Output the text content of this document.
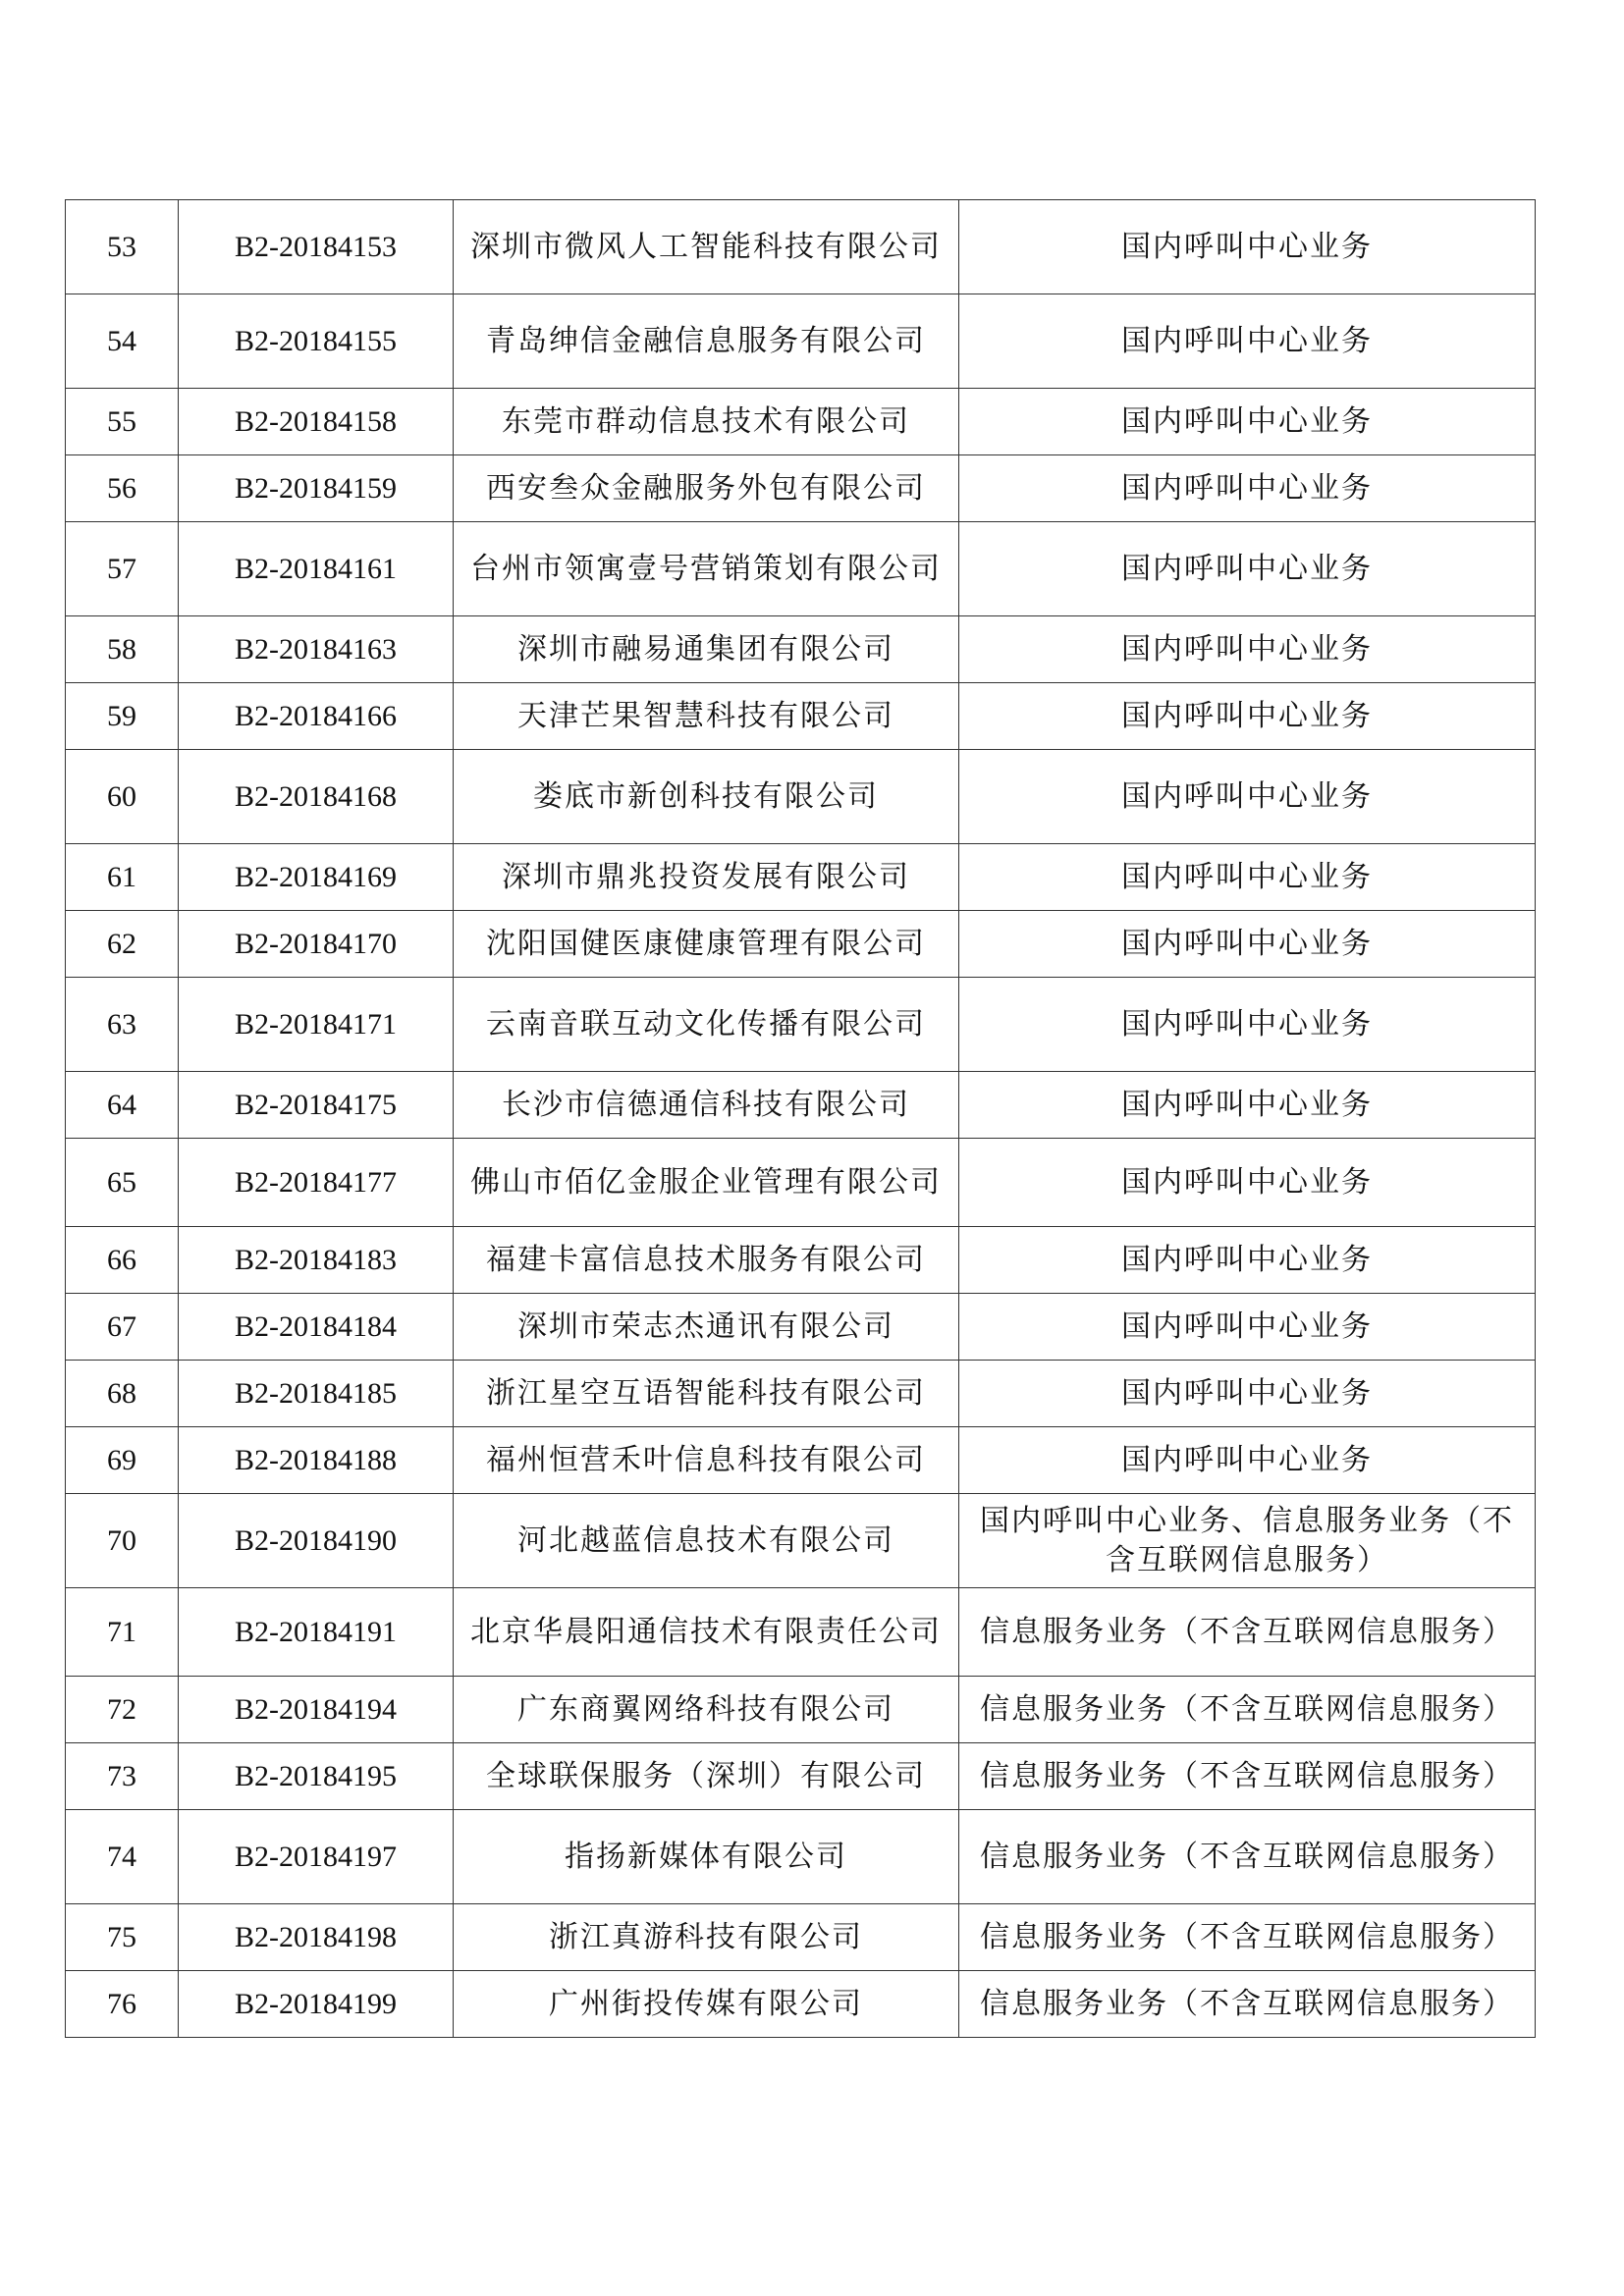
53	B2-20184153	深圳市微风人工智能科技有限公司	国内呼叫中心业务
54	B2-20184155	青岛绅信金融信息服务有限公司	国内呼叫中心业务
55	B2-20184158	东莞市群动信息技术有限公司	国内呼叫中心业务
56	B2-20184159	西安叁众金融服务外包有限公司	国内呼叫中心业务
57	B2-20184161	台州市领寓壹号营销策划有限公司	国内呼叫中心业务
58	B2-20184163	深圳市融易通集团有限公司	国内呼叫中心业务
59	B2-20184166	天津芒果智慧科技有限公司	国内呼叫中心业务
60	B2-20184168	娄底市新创科技有限公司	国内呼叫中心业务
61	B2-20184169	深圳市鼎兆投资发展有限公司	国内呼叫中心业务
62	B2-20184170	沈阳国健医康健康管理有限公司	国内呼叫中心业务
63	B2-20184171	云南音联互动文化传播有限公司	国内呼叫中心业务
64	B2-20184175	长沙市信德通信科技有限公司	国内呼叫中心业务
65	B2-20184177	佛山市佰亿金服企业管理有限公司	国内呼叫中心业务
66	B2-20184183	福建卡富信息技术服务有限公司	国内呼叫中心业务
67	B2-20184184	深圳市荣志杰通讯有限公司	国内呼叫中心业务
68	B2-20184185	浙江星空互语智能科技有限公司	国内呼叫中心业务
69	B2-20184188	福州恒营禾叶信息科技有限公司	国内呼叫中心业务
70	B2-20184190	河北越蓝信息技术有限公司	国内呼叫中心业务、信息服务业务（不含互联网信息服务）
71	B2-20184191	北京华晨阳通信技术有限责任公司	信息服务业务（不含互联网信息服务）
72	B2-20184194	广东商翼网络科技有限公司	信息服务业务（不含互联网信息服务）
73	B2-20184195	全球联保服务（深圳）有限公司	信息服务业务（不含互联网信息服务）
74	B2-20184197	指扬新媒体有限公司	信息服务业务（不含互联网信息服务）
75	B2-20184198	浙江真游科技有限公司	信息服务业务（不含互联网信息服务）
76	B2-20184199	广州街投传媒有限公司	信息服务业务（不含互联网信息服务）
